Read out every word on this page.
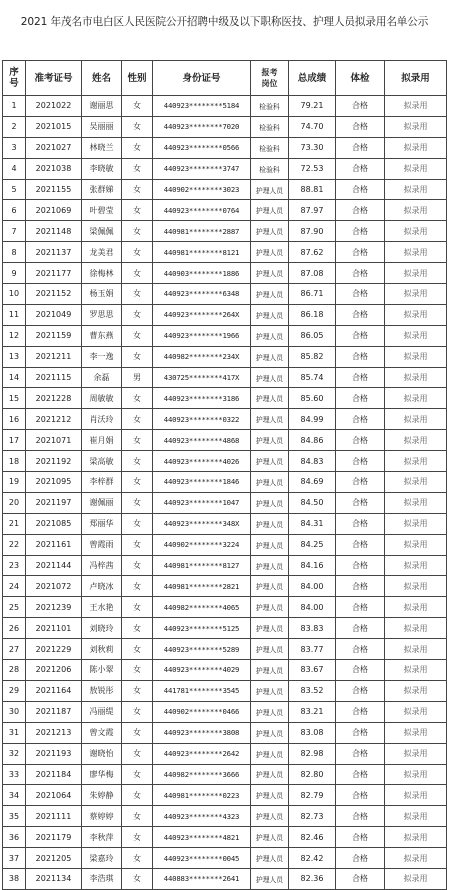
2021 年茂名市电白区人民医院公开招聘中级及以下职称医技、护理人员拟录用名单公示
序
号	准考证号	姓名	性别	身份证号	报考
岗位	总成绩	体检	拟录用
1	2021022	谢丽思	女	440923********5184	检验科	79.21	合格	拟录用
2	2021015	吴丽丽	女	440923********7020	检验科	74.70	合格	拟录用
3	2021027	林晓兰	女	440923********0566	检验科	73.30	合格	拟录用
4	2021038	李晓敏	女	440923********3747	检验科	72.53	合格	拟录用
5	2021155	张群娣	女	440902********3023	护理人员	88.81	合格	拟录用
6	2021069	叶碧莹	女	440923********0764	护理人员	87.97	合格	拟录用
7	2021148	梁佩佩	女	440981********2887	护理人员	87.90	合格	拟录用
8	2021137	龙美君	女	440981********8121	护理人员	87.62	合格	拟录用
9	2021177	徐梅林	女	440903********1886	护理人员	87.08	合格	拟录用
10	2021152	杨玉娟	女	440923********6348	护理人员	86.71	合格	拟录用
11	2021049	罗思思	女	440923********264X	护理人员	86.18	合格	拟录用
12	2021159	曹东燕	女	440923********1966	护理人员	86.05	合格	拟录用
13	2021211	李一逸	女	440982********234X	护理人员	85.82	合格	拟录用
14	2021115	余磊	男	430725********417X	护理人员	85.74	合格	拟录用
15	2021228	周敏敏	女	440923********3186	护理人员	85.60	合格	拟录用
16	2021212	肖沃玲	女	440923********0322	护理人员	84.99	合格	拟录用
17	2021071	崔月娟	女	440923********4868	护理人员	84.86	合格	拟录用
18	2021192	梁高敏	女	440923********4026	护理人员	84.83	合格	拟录用
19	2021095	李梓群	女	440923********1846	护理人员	84.69	合格	拟录用
20	2021197	谢佩丽	女	440923********1047	护理人员	84.50	合格	拟录用
21	2021085	郑丽华	女	440923********348X	护理人员	84.31	合格	拟录用
22	2021161	曾霞雨	女	440902********3224	护理人员	84.25	合格	拟录用
23	2021144	冯梓茜	女	440981********8127	护理人员	84.16	合格	拟录用
24	2021072	卢晓冰	女	440981********2821	护理人员	84.00	合格	拟录用
25	2021239	王水艳	女	440982********4065	护理人员	84.00	合格	拟录用
26	2021101	刘晓玲	女	440923********5125	护理人员	83.83	合格	拟录用
27	2021229	刘秋莉	女	440923********5289	护理人员	83.77	合格	拟录用
28	2021206	陈小翠	女	440923********4029	护理人员	83.67	合格	拟录用
29	2021164	敖锐彤	女	441781********3545	护理人员	83.52	合格	拟录用
30	2021187	冯丽缇	女	440902********0466	护理人员	83.21	合格	拟录用
31	2021213	曾文霞	女	440923********3808	护理人员	83.08	合格	拟录用
32	2021193	谢晓怡	女	440923********2642	护理人员	82.98	合格	拟录用
33	2021184	廖华梅	女	440982********3666	护理人员	82.80	合格	拟录用
34	2021064	朱婷静	女	440981********0223	护理人员	82.79	合格	拟录用
35	2021111	蔡婷婷	女	440923********4323	护理人员	82.73	合格	拟录用
36	2021179	李秋萍	女	440923********4821	护理人员	82.46	合格	拟录用
37	2021205	梁嘉玲	女	440923********0045	护理人员	82.42	合格	拟录用
38	2021134	李浩琪	女	440883********2641	护理人员	82.36	合格	拟录用
